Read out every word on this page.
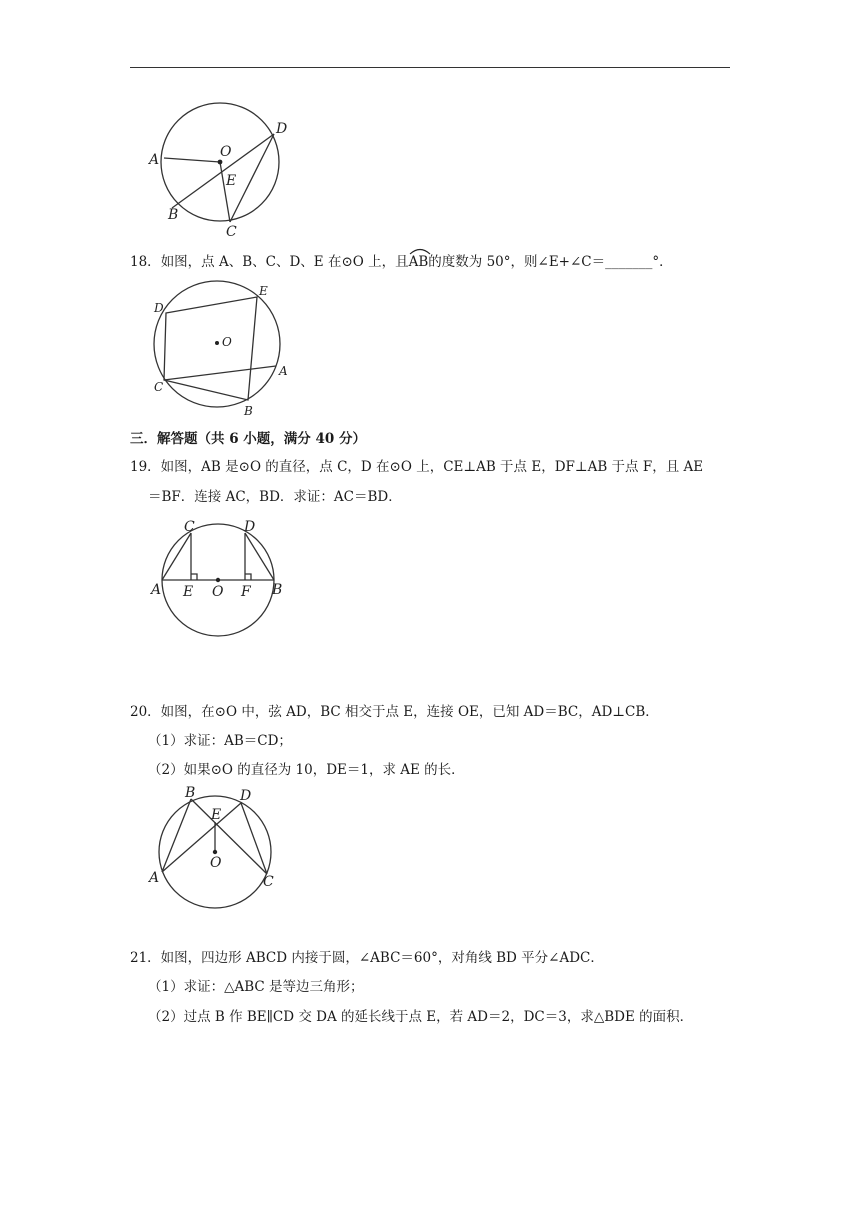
A
B
C
D
E
O
18．如图，点 A、B、C、D、E 在⊙O 上，且
AB的度数为 50°，则∠E+∠C＝_______°．
D
E
O
C
A
B
三．解答题（共 6 小题，满分 40 分）
19．如图，AB 是⊙O 的直径，点 C，D 在⊙O 上，CE⊥AB 于点 E，DF⊥AB 于点 F，且 AE
＝BF．连接 AC，BD．求证：AC＝BD．
C	D
A E O F B
20．如图，在⊙O 中，弦 AD，BC 相交于点 E，连接 OE，已知 AD＝BC，AD⊥CB．
（1）求证：AB＝CD；
（2）如果⊙O 的直径为 10，DE＝1，求 AE 的长．
B	D
E
O
A	C
21．如图，四边形 ABCD 内接于圆，∠ABC＝60°，对角线 BD 平分∠ADC．
（1）求证：△ABC 是等边三角形；
（2）过点 B 作 BE∥CD 交 DA 的延长线于点 E，若 AD＝2，DC＝3，求△BDE 的面积．
